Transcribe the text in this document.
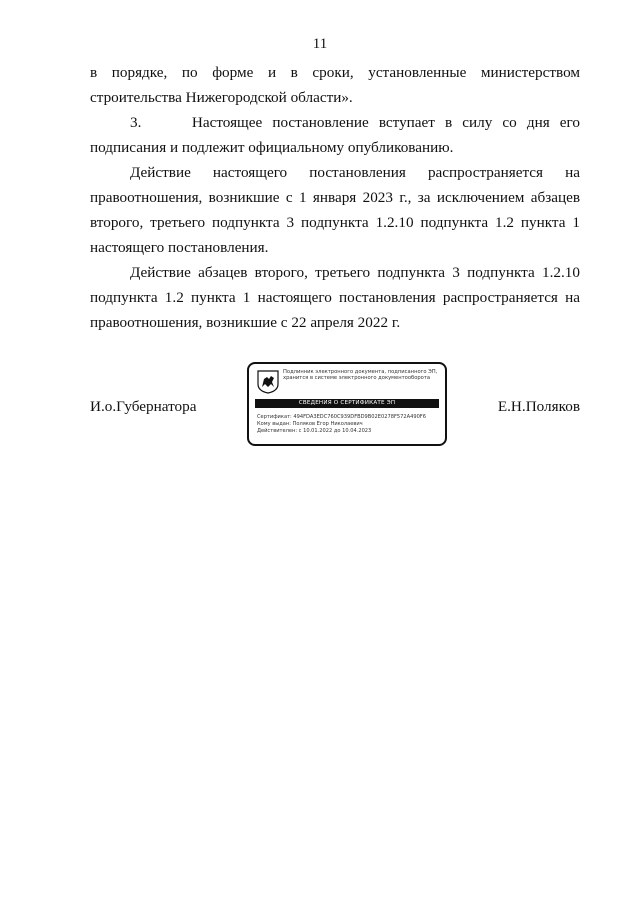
11

в порядке, по форме и в сроки, установленные министерством строительства Нижегородской области».

3.     Настоящее постановление вступает в силу со дня его подписания и подлежит официальному опубликованию.

Действие настоящего постановления распространяется на правоотношения, возникшие с 1 января 2023 г., за исключением абзацев второго, третьего подпункта 3 подпункта 1.2.10 подпункта 1.2 пункта 1 настоящего постановления.

Действие абзацев второго, третьего подпункта 3 подпункта 1.2.10 подпункта 1.2 пункта 1 настоящего постановления распространяется на правоотношения, возникшие с 22 апреля 2022 г.

И.о.Губернатора
Подлинник электронного документа, подписанного ЭП,
хранится в системе электронного документооборота
СВЕДЕНИЯ О СЕРТИФИКАТЕ ЭП
Сертификат: 494FDA3EDC760C939DFBD9B02E0278F572A490F6
Кому выдан: Поляков Егор Николаевич
Действителен: с 10.01.2022 до 10.04.2023
Е.Н.Поляков
